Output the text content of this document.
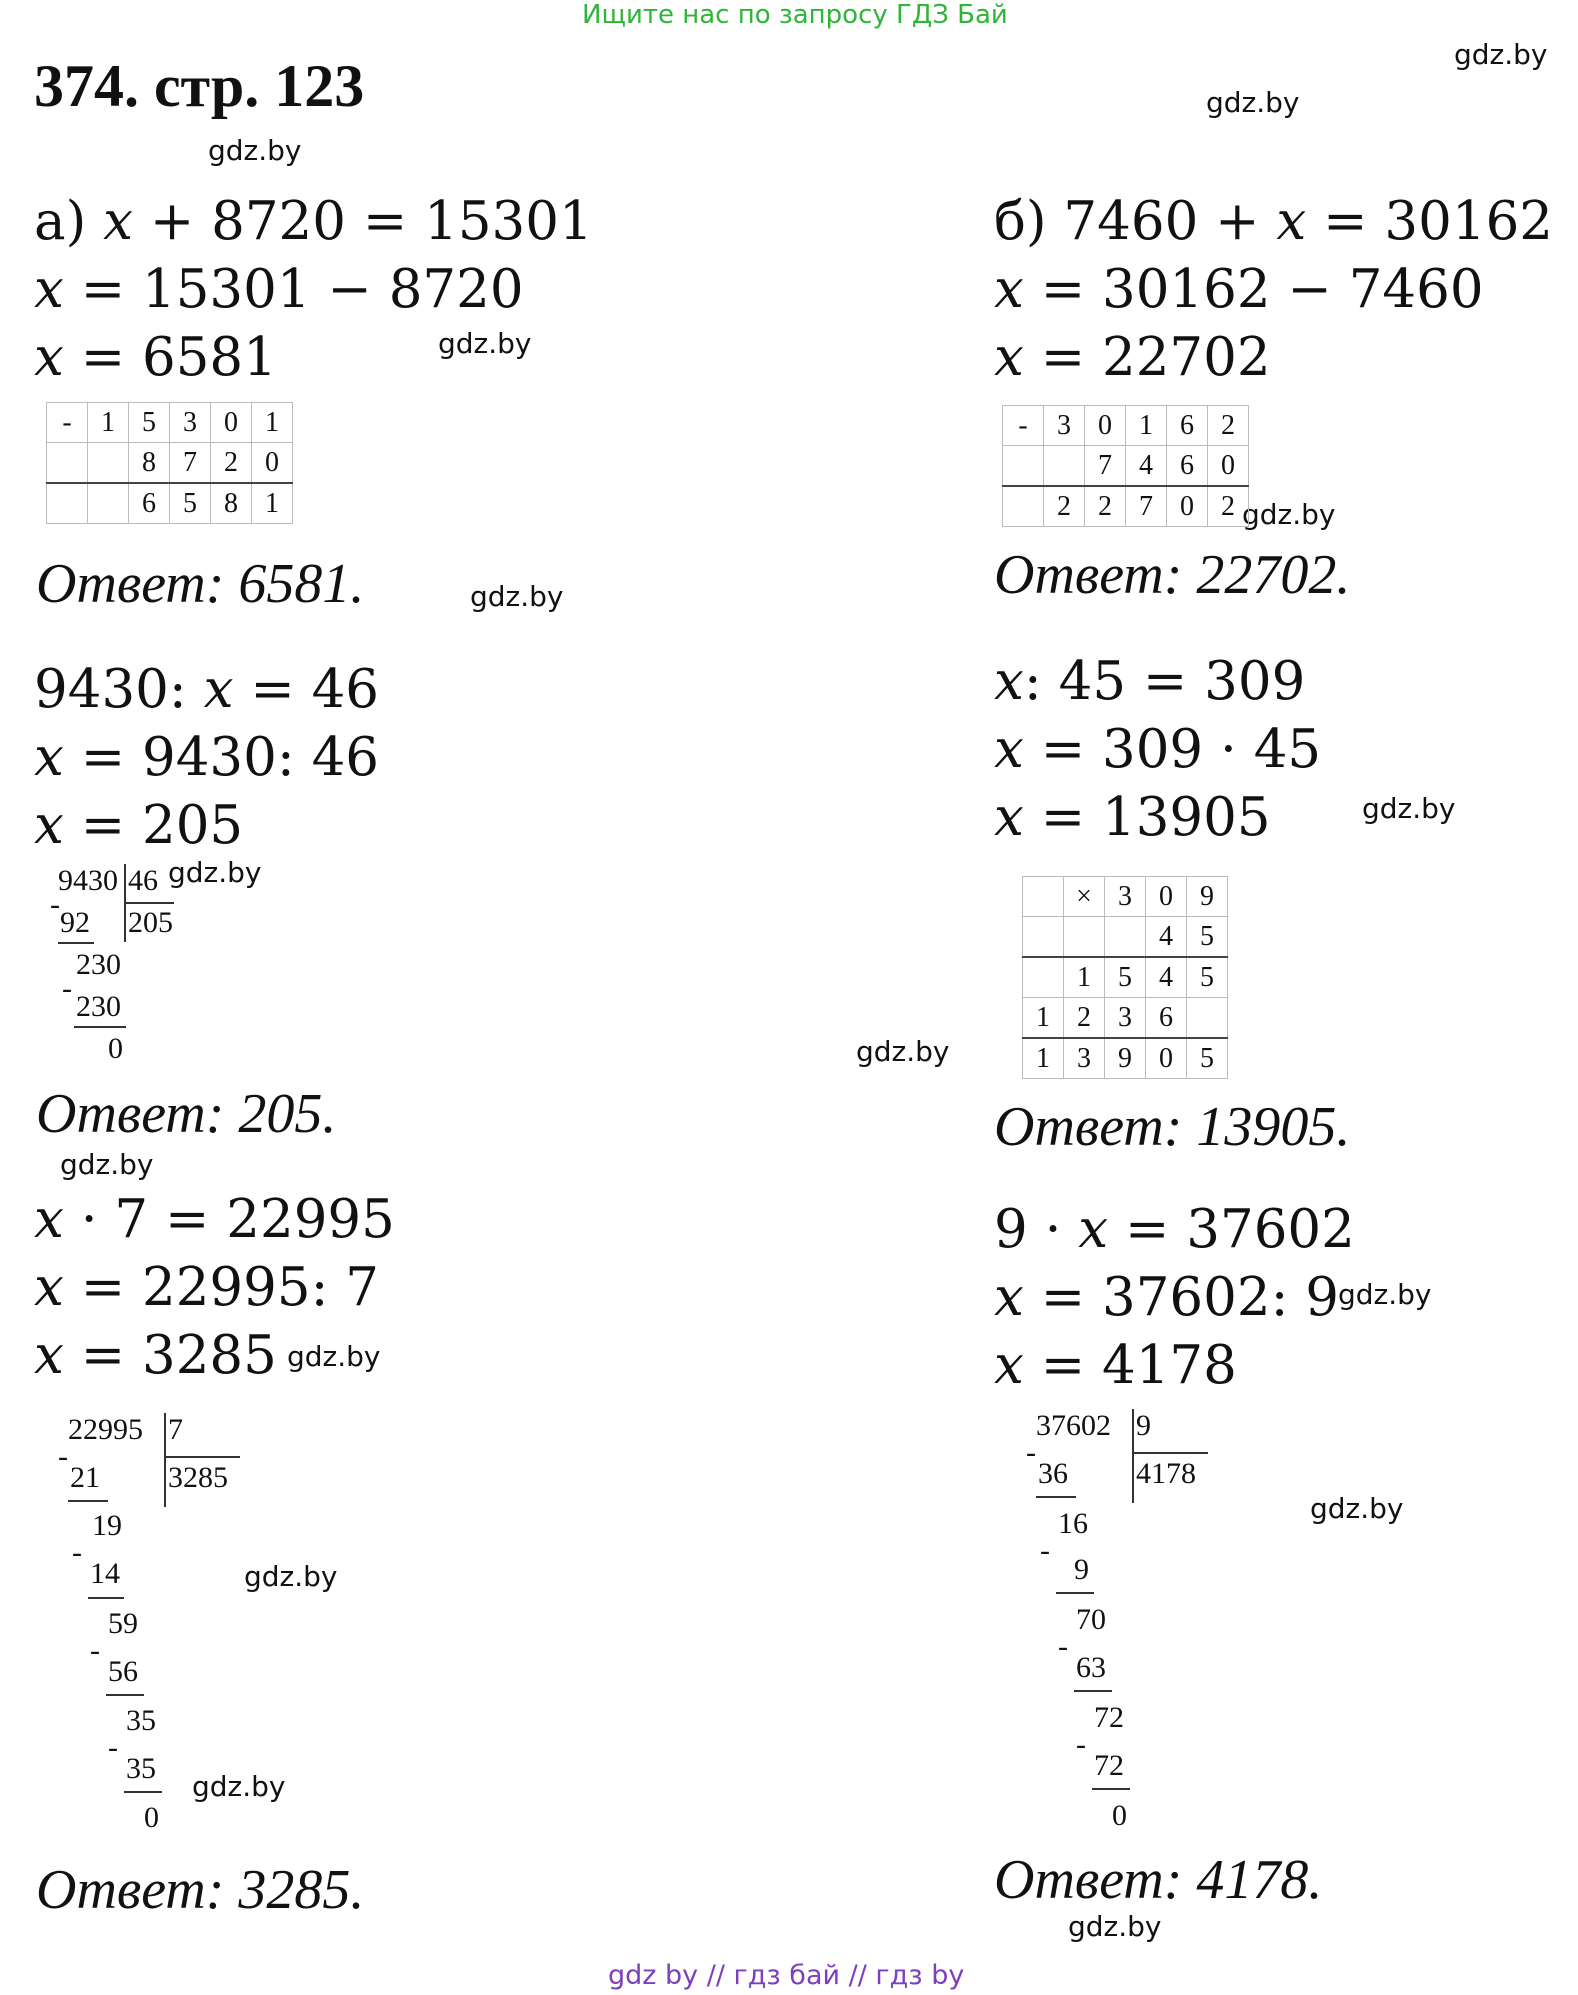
Ищите нас по запросу ГДЗ Бай
374. стр. 123	gdz.by
gdz.by
gdz.by
gdz.by
gdz.by
gdz.by
gdz.by
gdz.by
gdz.by
gdz.by
gdz.by
gdz.by
gdz.by
gdz.by
gdz.by
gdz.by
а) 𝑥 + 8720 = 15301
𝑥 = 15301 − 8720
𝑥 = 6581
-	1	5	3	0	1
		8	7	2	0
		6	5	8	1
Ответ: 6581.
б) 7460 + 𝑥 = 30162
𝑥 = 30162 − 7460
𝑥 = 22702
-	3	0	1	6	2
		7	4	6	0
	2	2	7	0	2
Ответ: 22702.
9430: 𝑥 = 46
𝑥 = 9430: 46
𝑥 = 205
9430 46
205
-
92
230
-
230
0
Ответ: 205.
𝑥: 45 = 309
𝑥 = 309 · 45
𝑥 = 13905
	×	3	0	9
			4	5
	1	5	4	5
1	2	3	6	
1	3	9	0	5
Ответ: 13905.
𝑥 · 7 = 22995
𝑥 = 22995: 7
𝑥 = 3285
22995 7
3285
-
21
19
-
14
59
-
56
35
-
35
0
Ответ: 3285.
9 · 𝑥 = 37602
𝑥 = 37602: 9
𝑥 = 4178
37602 9
4178
-
36
16
-
9
70
-
63
72
-
72
0
Ответ: 4178.
gdz by // гдз бай // гдз by
